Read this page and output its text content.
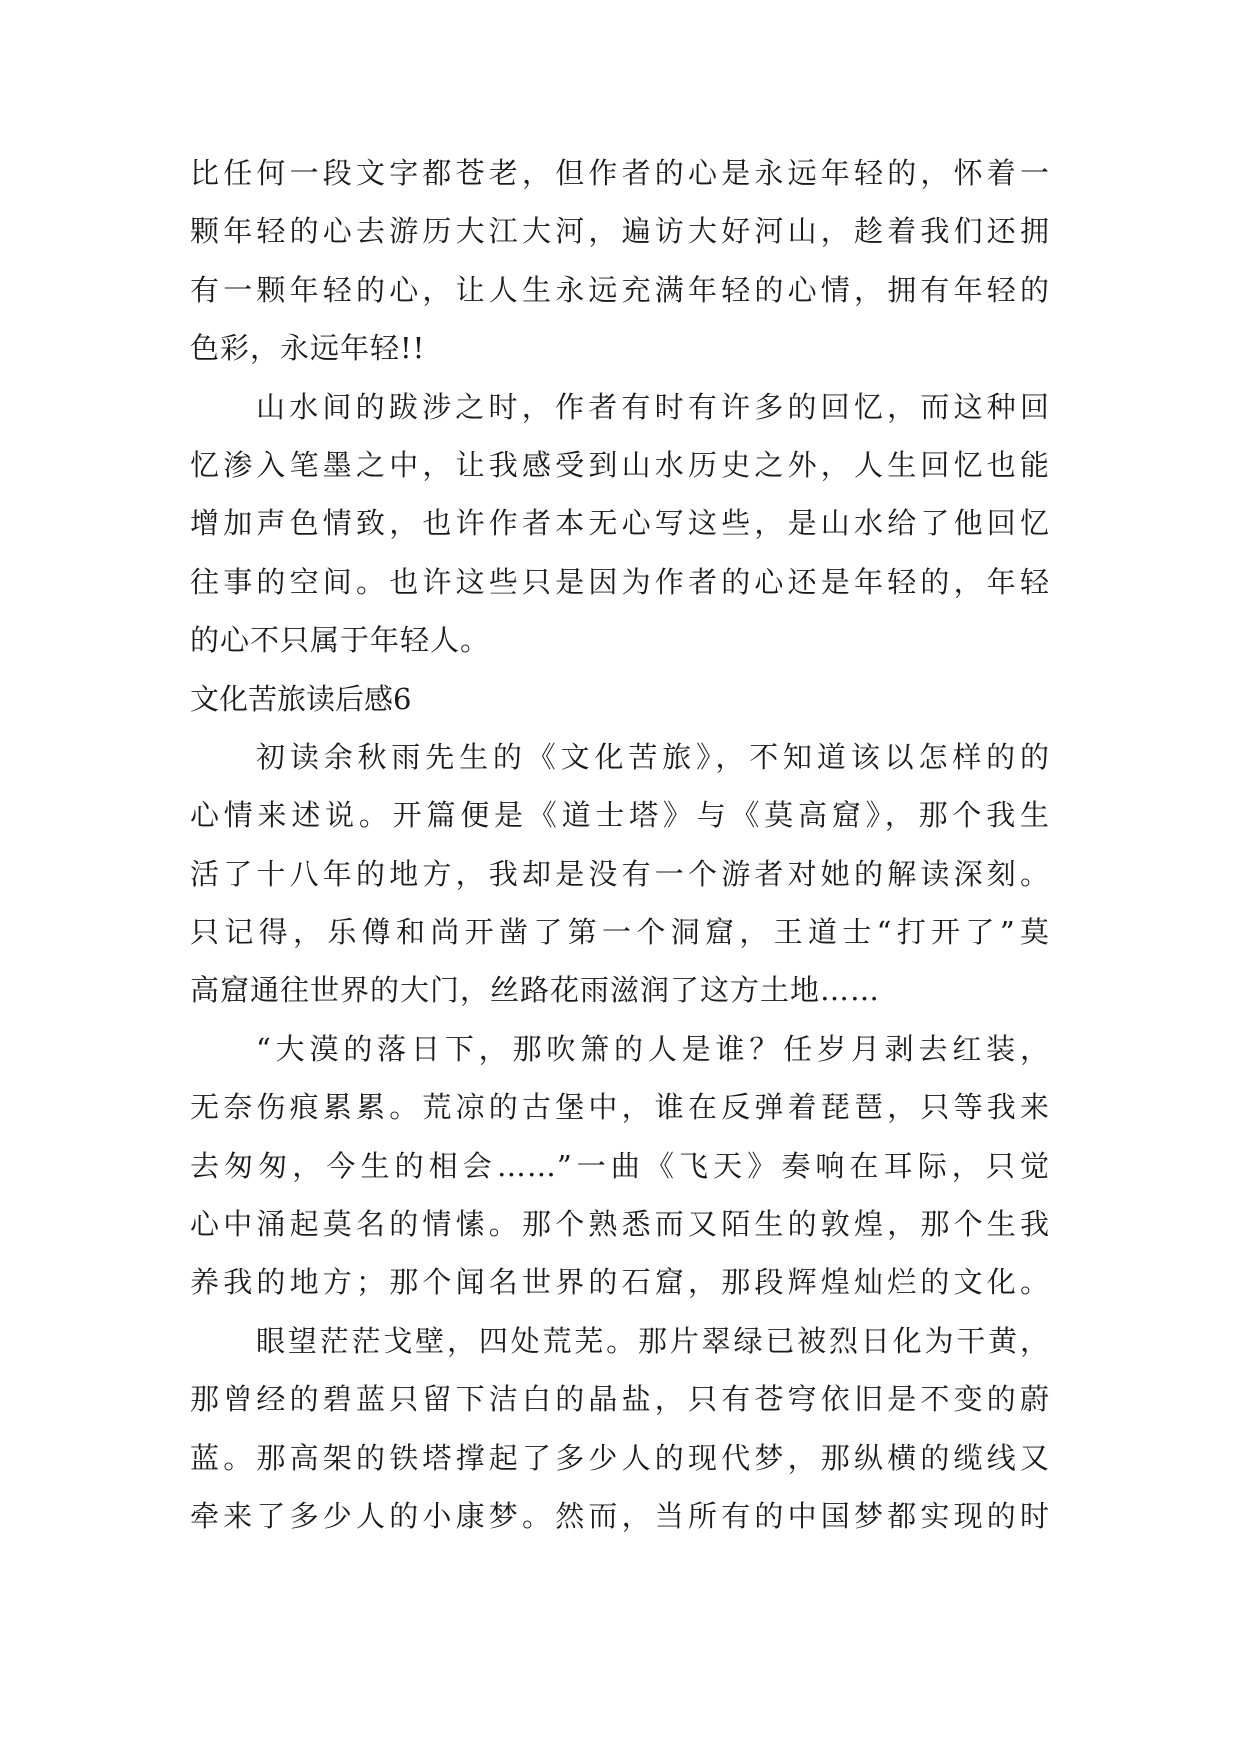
比任何一段文字都苍老，但作者的心是永远年轻的，怀着一
颗年轻的心去游历大江大河，遍访大好河山，趁着我们还拥
有一颗年轻的心，让人生永远充满年轻的心情，拥有年轻的
色彩，永远年轻!!
山水间的跋涉之时，作者有时有许多的回忆，而这种回
忆渗入笔墨之中，让我感受到山水历史之外，人生回忆也能
增加声色情致，也许作者本无心写这些，是山水给了他回忆
往事的空间。也许这些只是因为作者的心还是年轻的，年轻
的心不只属于年轻人。
文化苦旅读后感6
初读余秋雨先生的《文化苦旅》，不知道该以怎样的的
心情来述说。开篇便是《道士塔》与《莫高窟》，那个我生
活了十八年的地方，我却是没有一个游者对她的解读深刻。
只记得，乐僔和尚开凿了第一个洞窟，王道士“打开了”莫
高窟通往世界的大门，丝路花雨滋润了这方土地……
“大漠的落日下，那吹箫的人是谁？任岁月剥去红装，
无奈伤痕累累。荒凉的古堡中，谁在反弹着琵琶，只等我来
去匆匆，今生的相会……”一曲《飞天》奏响在耳际，只觉
心中涌起莫名的情愫。那个熟悉而又陌生的敦煌，那个生我
养我的地方；那个闻名世界的石窟，那段辉煌灿烂的文化。
眼望茫茫戈壁，四处荒芜。那片翠绿已被烈日化为干黄，
那曾经的碧蓝只留下洁白的晶盐，只有苍穹依旧是不变的蔚
蓝。那高架的铁塔撑起了多少人的现代梦，那纵横的缆线又
牵来了多少人的小康梦。然而，当所有的中国梦都实现的时
